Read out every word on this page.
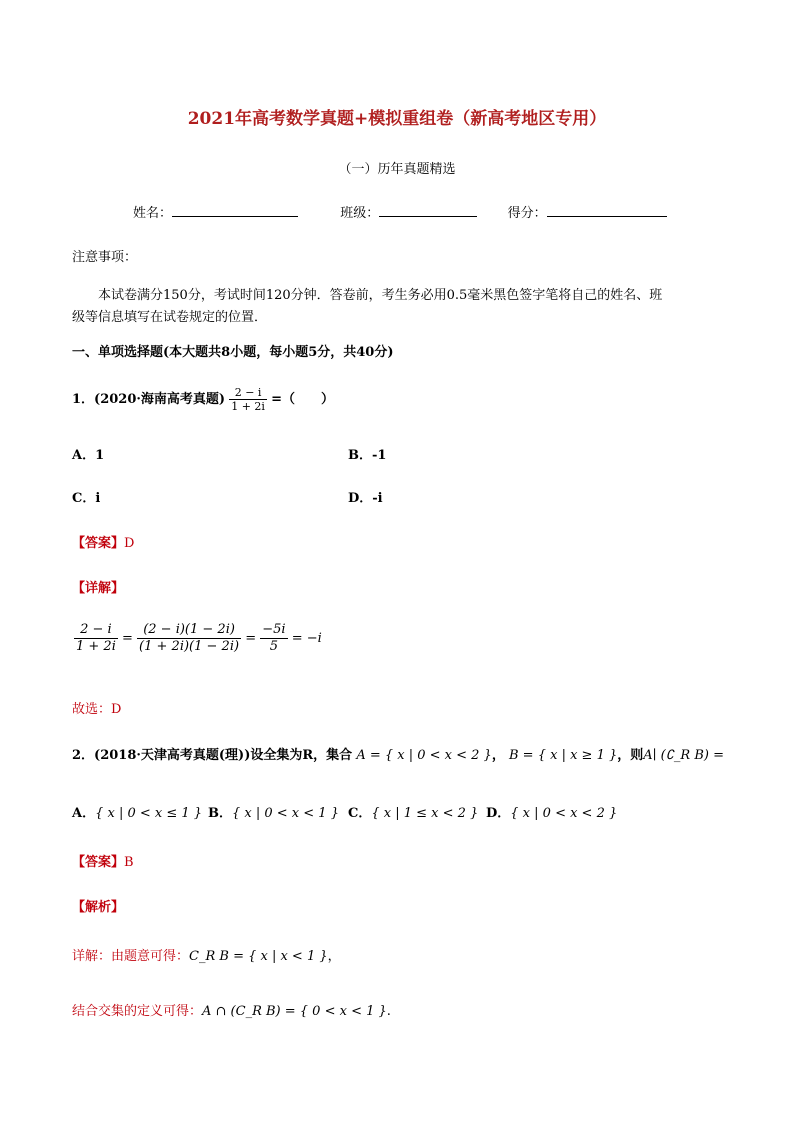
2021年高考数学真题+模拟重组卷（新高考地区专用）
（一）历年真题精选
姓名：	班级：	得分：
注意事项：
本试卷满分150分，考试时间120分钟．答卷前，考生务必用0.5毫米黑色签字笔将自己的姓名、班
级等信息填写在试卷规定的位置．
一、单项选择题(本大题共8小题，每小题5分，共40分)
1．(2020·海南高考真题) $\frac{2 - i}{1 + 2i}$ =（　　）
A．1	B．-1
C．i	D．-i
【答案】D
【详解】
$\frac{2 - i}{1 + 2i} = \frac{(2 - i)(1 - 2i)}{(1 + 2i)(1 - 2i)} = \frac{-5i}{5} = -i$
故选：D
2．(2018·天津高考真题(理))设全集为R，集合 A = { x | 0 < x < 2 }， B = { x | x ≥ 1 }，则A∣ (∁_R B) =
A．{ x | 0 < x ≤ 1 } B．{ x | 0 < x < 1 } C．{ x | 1 ≤ x < 2 } D．{ x | 0 < x < 2 }
【答案】B
【解析】
详解：由题意可得：C_R B = { x | x < 1 }，
结合交集的定义可得：A ∩ (C_R B) = { 0 < x < 1 }.
